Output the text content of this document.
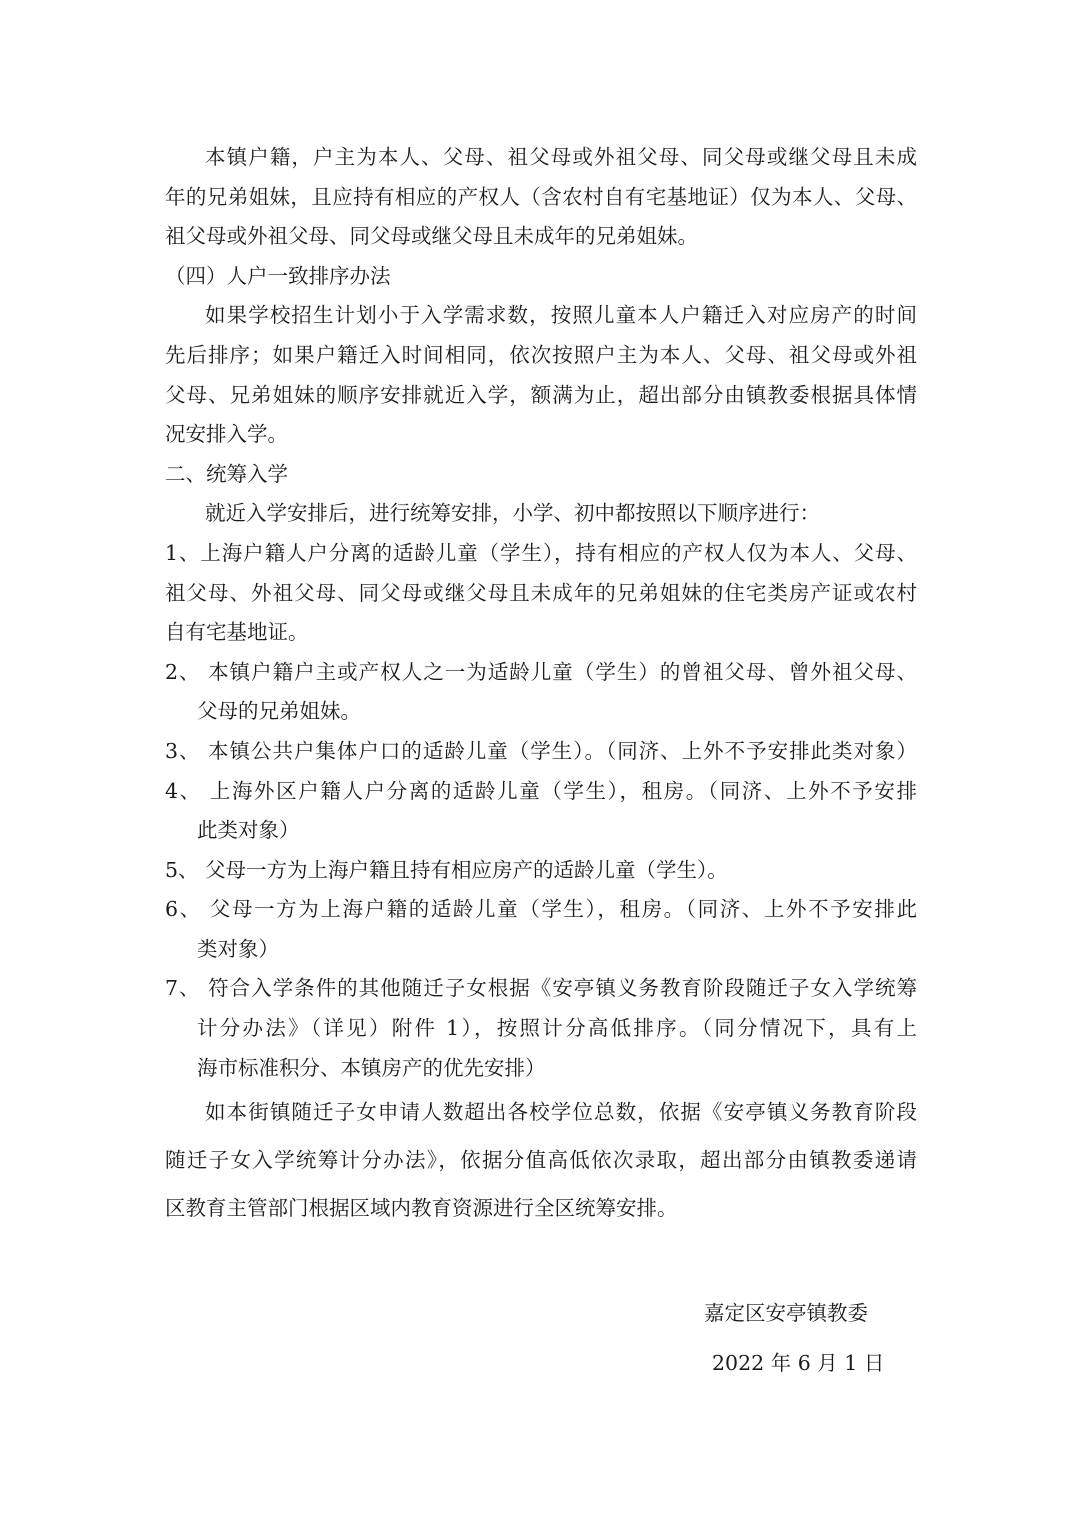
本镇户籍，户主为本人、父母、祖父母或外祖父母、同父母或继父母且未成
年的兄弟姐妹，且应持有相应的产权人（含农村自有宅基地证）仅为本人、父母、
祖父母或外祖父母、同父母或继父母且未成年的兄弟姐妹。
（四）人户一致排序办法
如果学校招生计划小于入学需求数，按照儿童本人户籍迁入对应房产的时间
先后排序；如果户籍迁入时间相同，依次按照户主为本人、父母、祖父母或外祖
父母、兄弟姐妹的顺序安排就近入学，额满为止，超出部分由镇教委根据具体情
况安排入学。
二、统筹入学
就近入学安排后，进行统筹安排，小学、初中都按照以下顺序进行：
1、上海户籍人户分离的适龄儿童（学生），持有相应的产权人仅为本人、父母、
祖父母、外祖父母、同父母或继父母且未成年的兄弟姐妹的住宅类房产证或农村
自有宅基地证。
2、 本镇户籍户主或产权人之一为适龄儿童（学生）的曾祖父母、曾外祖父母、
父母的兄弟姐妹。
3、 本镇公共户集体户口的适龄儿童（学生）。（同济、上外不予安排此类对象）
4、 上海外区户籍人户分离的适龄儿童（学生），租房。（同济、上外不予安排
此类对象）
5、 父母一方为上海户籍且持有相应房产的适龄儿童（学生）。
6、 父母一方为上海户籍的适龄儿童（学生），租房。（同济、上外不予安排此
类对象）
7、 符合入学条件的其他随迁子女根据《安亭镇义务教育阶段随迁子女入学统筹
计分办法》（详见）附件 1），按照计分高低排序。（同分情况下，具有上
海市标准积分、本镇房产的优先安排）
如本街镇随迁子女申请人数超出各校学位总数，依据《安亭镇义务教育阶段
随迁子女入学统筹计分办法》，依据分值高低依次录取，超出部分由镇教委递请
区教育主管部门根据区域内教育资源进行全区统筹安排。
嘉定区安亭镇教委
2022 年 6 月 1 日
